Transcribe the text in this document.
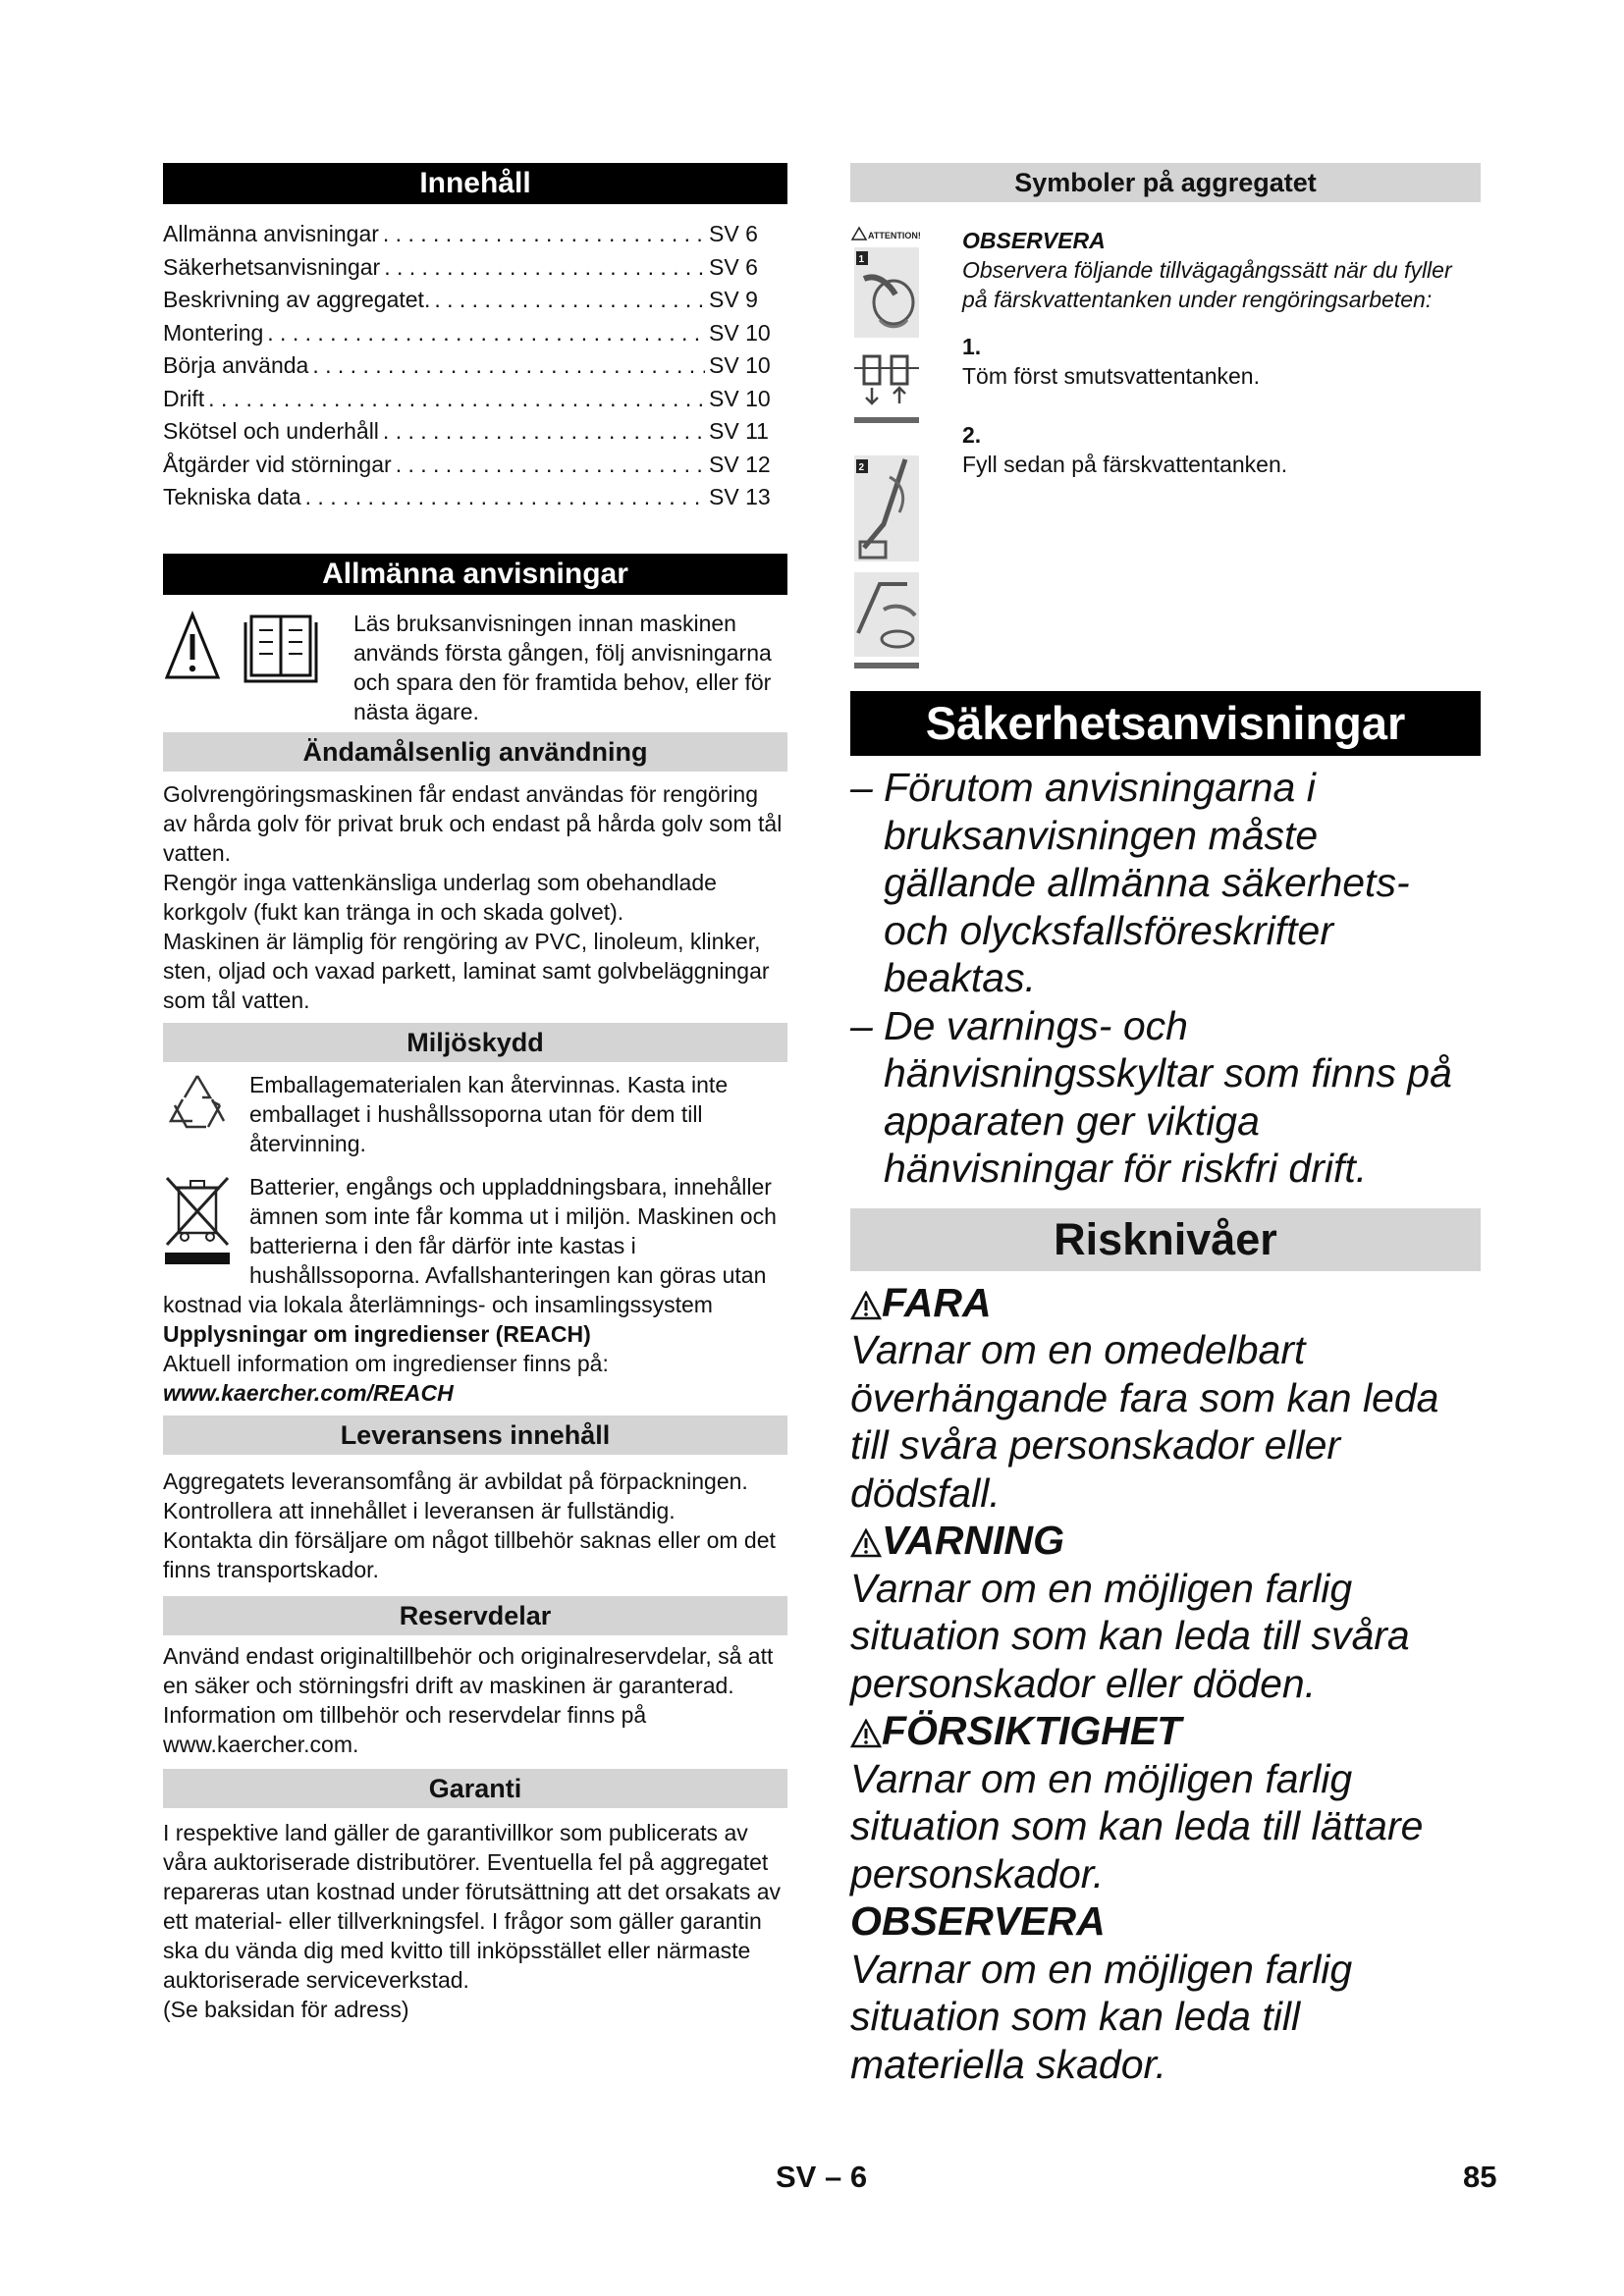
Innehåll
Allmänna anvisningar . . .	SV 6
Säkerhetsanvisningar . . .	SV 6
Beskrivning av aggregatet. . . .	SV 9
Montering . . .	SV 10
Börja använda . . .	SV 10
Drift . . .	SV 10
Skötsel och underhåll . . .	SV 11
Åtgärder vid störningar . . .	SV 12
Tekniska data . . .	SV 13
Allmänna anvisningar
Läs bruksanvisningen innan maskinen används första gången, följ anvisningarna och spara den för framtida behov, eller för nästa ägare.
Ändamålsenlig användning

Golvrengöringsmaskinen får endast användas för rengöring av hårda golv för privat bruk och endast på hårda golv som tål vatten.

Rengör inga vattenkänsliga underlag som obehandlade korkgolv (fukt kan tränga in och skada golvet).

Maskinen är lämplig för rengöring av PVC, linoleum, klinker, sten, oljad och vaxad parkett, laminat samt golvbeläggningar som tål vatten.

Miljöskydd
Emballagematerialen kan återvinnas. Kasta inte emballaget i hushållssoporna utan för dem till återvinning.
Batterier, engångs och uppladdningsbara, innehåller ämnen som inte får komma ut i miljön. Maskinen och batterierna i den får därför inte kastas i hushållssoporna. Avfallshanteringen kan göras utan kostnad via lokala återlämnings- och insamlingssystem

Upplysningar om ingredienser (REACH)

Aktuell information om ingredienser finns på:

www.kaercher.com/REACH

Leveransens innehåll

Aggregatets leveransomfång är avbildat på förpackningen. Kontrollera att innehållet i leveransen är fullständig.

Kontakta din försäljare om något tillbehör saknas eller om det finns transportskador.

Reservdelar

Använd endast originaltillbehör och originalreservdelar, så att en säker och störningsfri drift av maskinen är garanterad.

Information om tillbehör och reservdelar finns på www.kaercher.com.

Garanti

I respektive land gäller de garantivillkor som publicerats av våra auktoriserade distributörer. Eventuella fel på aggregatet repareras utan kostnad under förutsättning att det orsakats av ett material- eller tillverkningsfel. I frågor som gäller garantin ska du vända dig med kvitto till inköpsstället eller närmaste auktoriserade serviceverkstad.

(Se baksidan för adress)

Symboler på aggregatet
ATTENTION!
1

2

OBSERVERA
Observera följande tillvägagångssätt när du fyller på färskvattentanken under rengöringsarbeten:
1.
Töm först smutsvattentanken.
2.
Fyll sedan på färskvattentanken.
Säkerhetsanvisningar
– Förutom anvisningarna i bruksanvisningen måste gällande allmänna säkerhets- och olycksfallsföreskrifter beaktas.
– De varnings- och hänvisningsskyltar som finns på apparaten ger viktiga hänvisningar för riskfri drift.
Risknivåer
FARA
Varnar om en omedelbart överhängande fara som kan leda till svåra personskador eller dödsfall.
VARNING
Varnar om en möjligen farlig situation som kan leda till svåra personskador eller döden.
FÖRSIKTIGHET
Varnar om en möjligen farlig situation som kan leda till lättare personskador.
OBSERVERA
Varnar om en möjligen farlig situation som kan leda till materiella skador.
SV – 6	85
